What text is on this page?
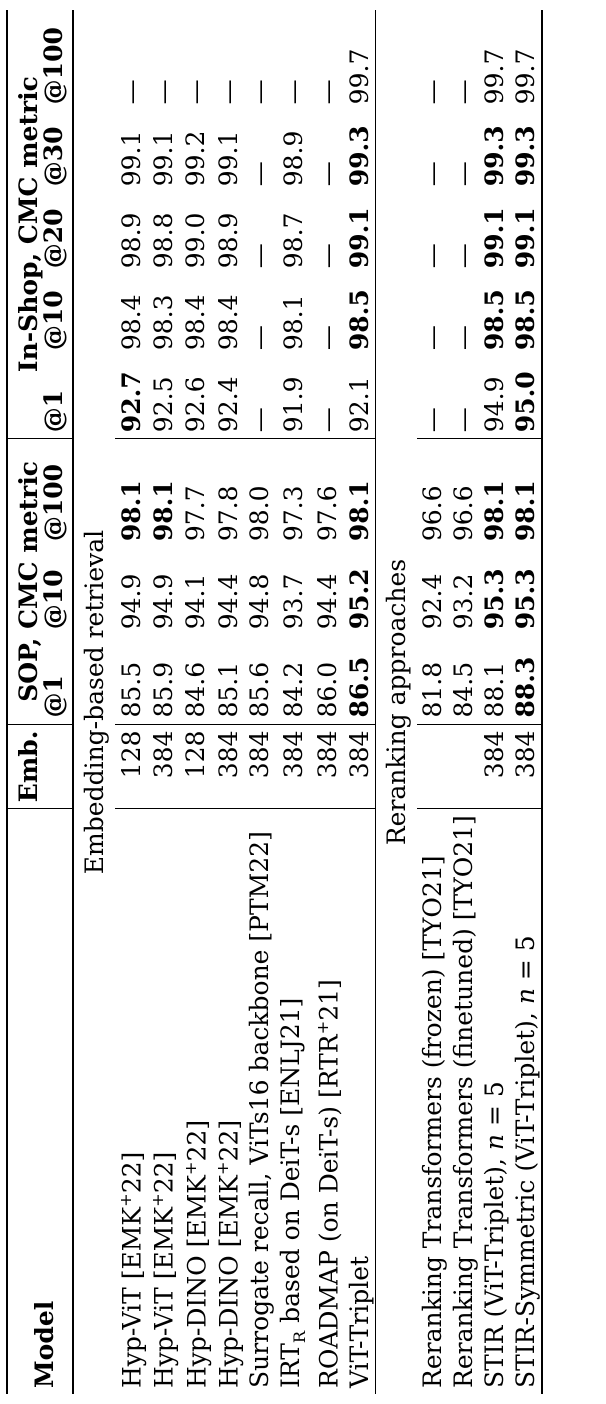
Model	Emb.	SOP, CMC metric			In-Shop, CMC metric				
		@1	@10	@100	@1	@10	@20	@30	@100
Embedding-based retrieval									
Hyp-ViT [EMK+22]	128	85.5	94.9	98.1	92.7	98.4	98.9	99.1	—
Hyp-ViT [EMK+22]	384	85.9	94.9	98.1	92.5	98.3	98.8	99.1	—
Hyp-DINO [EMK+22]	128	84.6	94.1	97.7	92.6	98.4	99.0	99.2	—
Hyp-DINO [EMK+22]	384	85.1	94.4	97.8	92.4	98.4	98.9	99.1	—
Surrogate recall, ViTs16 backbone [PTM22]	384	85.6	94.8	98.0	—	—	—	—	—
$IRT_R$ based on DeiT-s [ENLJ21]	384	84.2	93.7	97.3	91.9	98.1	98.7	98.9	—
ROADMAP (on DeiT-s) [RTR+21]	384	86.0	94.4	97.6	—	—	—	—	—
ViT-Triplet	384	86.5	95.2	98.1	92.1	98.5	99.1	99.3	99.7
Reranking approaches									
Reranking Transformers (frozen) [TYO21]		81.8	92.4	96.6	—	—	—	—	—
Reranking Transformers (finetuned) [TYO21]		84.5	93.2	96.6	—	—	—	—	—
STIR (ViT-Triplet), n = 5	384	88.1	95.3	98.1	94.9	98.5	99.1	99.3	99.7
STIR-Symmetric (ViT-Triplet), n = 5	384	88.3	95.3	98.1	95.0	98.5	99.1	99.3	99.7
